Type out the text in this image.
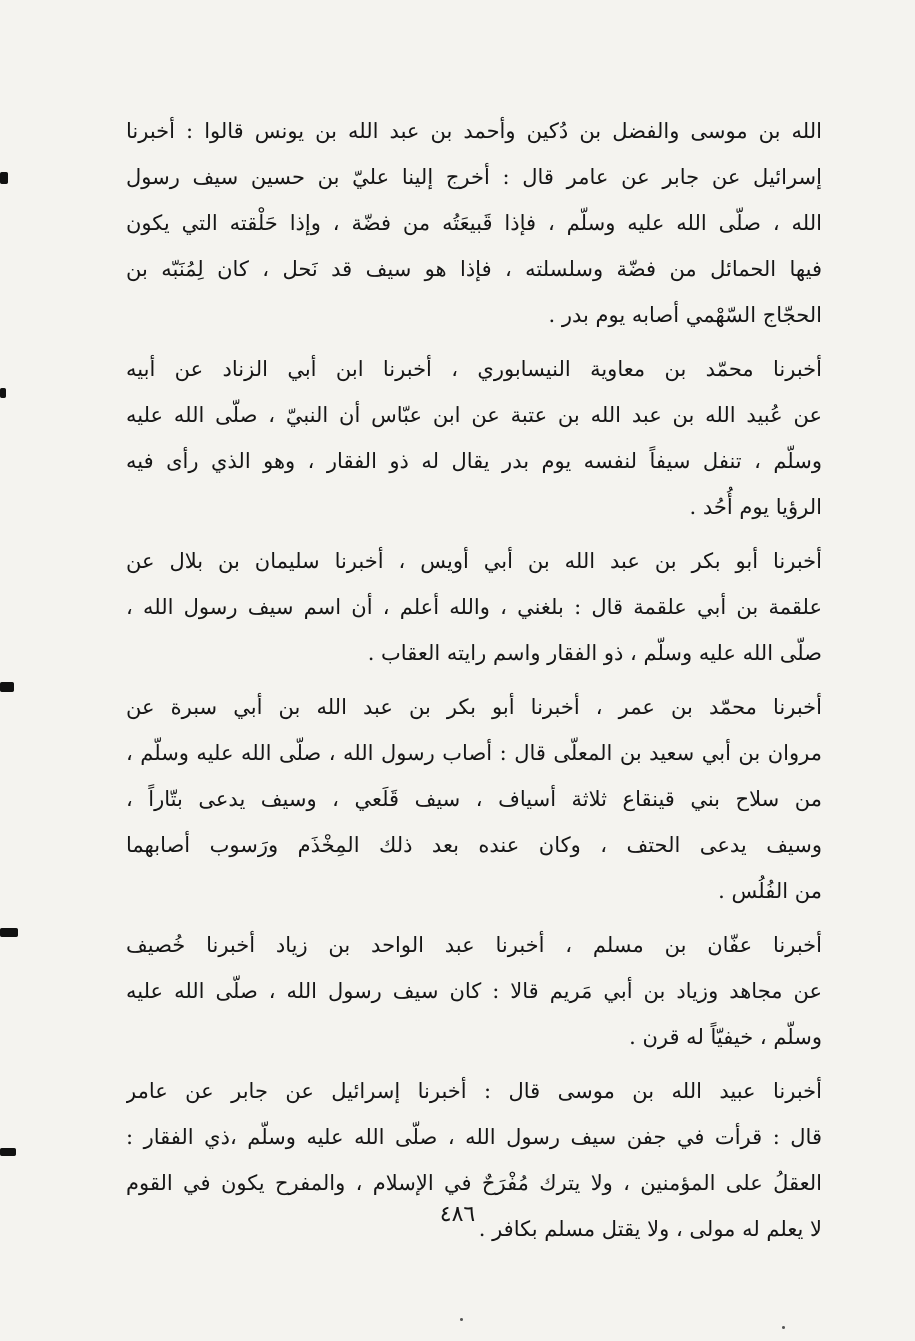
الله بن موسى والفضل بن دُكين وأحمد بن عبد الله بن يونس قالوا : أخبرنا
إسرائيل عن جابر عن عامر قال : أخرج إلينا عليّ بن حسين سيف رسول
الله ، صلّى الله عليه وسلّم ، فإذا قَبيعَتُه من فضّة ، وإذا حَلْقته التي يكون
فيها الحمائل من فضّة وسلسلته ، فإذا هو سيف قد نَحل ، كان لِمُنَبّه بن
الحجّاج السّهْمي أصابه يوم بدر .
أخبرنا محمّد بن معاوية النيسابوري ، أخبرنا ابن أبي الزناد عن أبيه
عن عُبيد الله بن عبد الله بن عتبة عن ابن عبّاس أن النبيّ ، صلّى الله عليه
وسلّم ، تنفل سيفاً لنفسه يوم بدر يقال له ذو الفقار ، وهو الذي رأى فيه
الرؤيا يوم أُحُد .
أخبرنا أبو بكر بن عبد الله بن أبي أويس ، أخبرنا سليمان بن بلال عن
علقمة بن أبي علقمة قال : بلغني ، والله أعلم ، أن اسم سيف رسول الله ،
صلّى الله عليه وسلّم ، ذو الفقار واسم رايته العقاب .
أخبرنا محمّد بن عمر ، أخبرنا أبو بكر بن عبد الله بن أبي سبرة عن
مروان بن أبي سعيد بن المعلّى قال : أصاب رسول الله ، صلّى الله عليه وسلّم ،
من سلاح بني قينقاع ثلاثة أسياف ، سيف قَلَعي ، وسيف يدعى بتّاراً ،
وسيف يدعى الحتف ، وكان عنده بعد ذلك المِخْذَم ورَسوب أصابهما
من الفُلُس .
أخبرنا عفّان بن مسلم ، أخبرنا عبد الواحد بن زياد أخبرنا خُصيف
عن مجاهد وزياد بن أبي مَريم قالا : كان سيف رسول الله ، صلّى الله عليه
وسلّم ، خيفيّاً له قرن .
أخبرنا عبيد الله بن موسى قال : أخبرنا إسرائيل عن جابر عن عامر
قال : قرأت في جفن سيف رسول الله ، صلّى الله عليه وسلّم ،ذي الفقار :
العقلُ على المؤمنين ، ولا يترك مُفْرَحٌ في الإسلام ، والمفرح يكون في القوم
لا يعلم له مولى ، ولا يقتل مسلم بكافر .
٤٨٦
